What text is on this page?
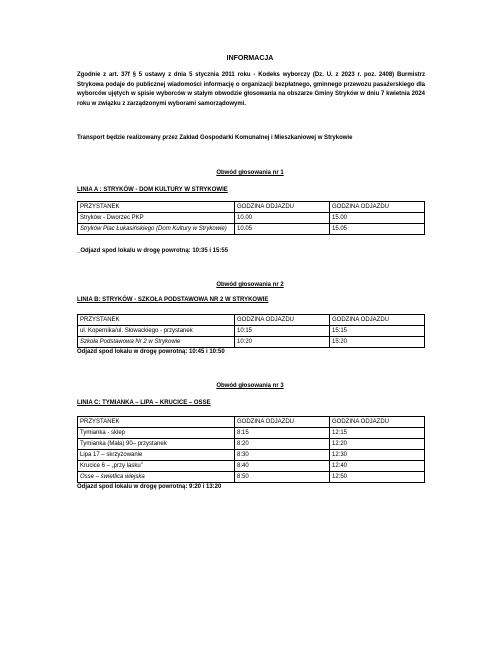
INFORMACJA

Zgodnie z art. 37f § 5 ustawy z dnia 5 stycznia 2011 roku - Kodeks wyborczy (Dz. U. z 2023 r. poz. 2408) Burmistrz Strykowa podaje do publicznej wiadomości informację o organizacji bezpłatnego, gminnego przewozu pasażerskiego dla wyborców ujętych w spisie wyborców w stałym obwodzie głosowania na obszarze Gminy Stryków w dniu 7 kwietnia 2024 roku w związku z zarządzonymi wyborami samorządowymi.

Transport będzie realizowany przez Zakład Gospodarki Komunalnej i Mieszkaniowej w Strykowie

Obwód głosowania nr 1
LINIA A : STRYKÓW - DOM KULTURY W STRYKOWIE
PRZYSTANEK	GODZINA ODJAZDU	GODZINA ODJAZDU
Stryków - Dworzec PKP	10.00	15.00
Stryków Plac Łukasińskiego (Dom Kultury w Strykowie)	10.05	15.05
_Odjazd spod lokalu w drogę powrotną: 10:35 i 15:55
Obwód głosowania nr 2
LINIA B: STRYKÓW - SZKOŁA PODSTAWOWA NR 2 W STRYKOWIE
PRZYSTANEK	GODZINA ODJAZDU	GODZINA ODJAZDU
ul. Kopernika/ul. Słowackiego - przystanek	10:15	15:15
Szkoła Podstawowa Nr 2 w Strykowie	10:20	15:20
Odjazd spod lokalu w drogę powrotną: 10:45 i 10:50
Obwód głosowania nr 3
LINIA C: TYMIANKA – LIPA – KRUCICE – OSSE
PRZYSTANEK	GODZINA ODJAZDU	GODZINA ODJAZDU
Tymianka - sklep	8:15	12:15
Tymianka (Mała) 90– przystanek	8:20	12:20
Lipa 17 – skrzyżowanie	8:30	12:30
Krucice 6 – „przy lasku”	8:40	12:40
Osse – świetlica wiejska	8:50	12:50
Odjazd spod lokalu w drogę powrotną: 9:20 i 13:20
